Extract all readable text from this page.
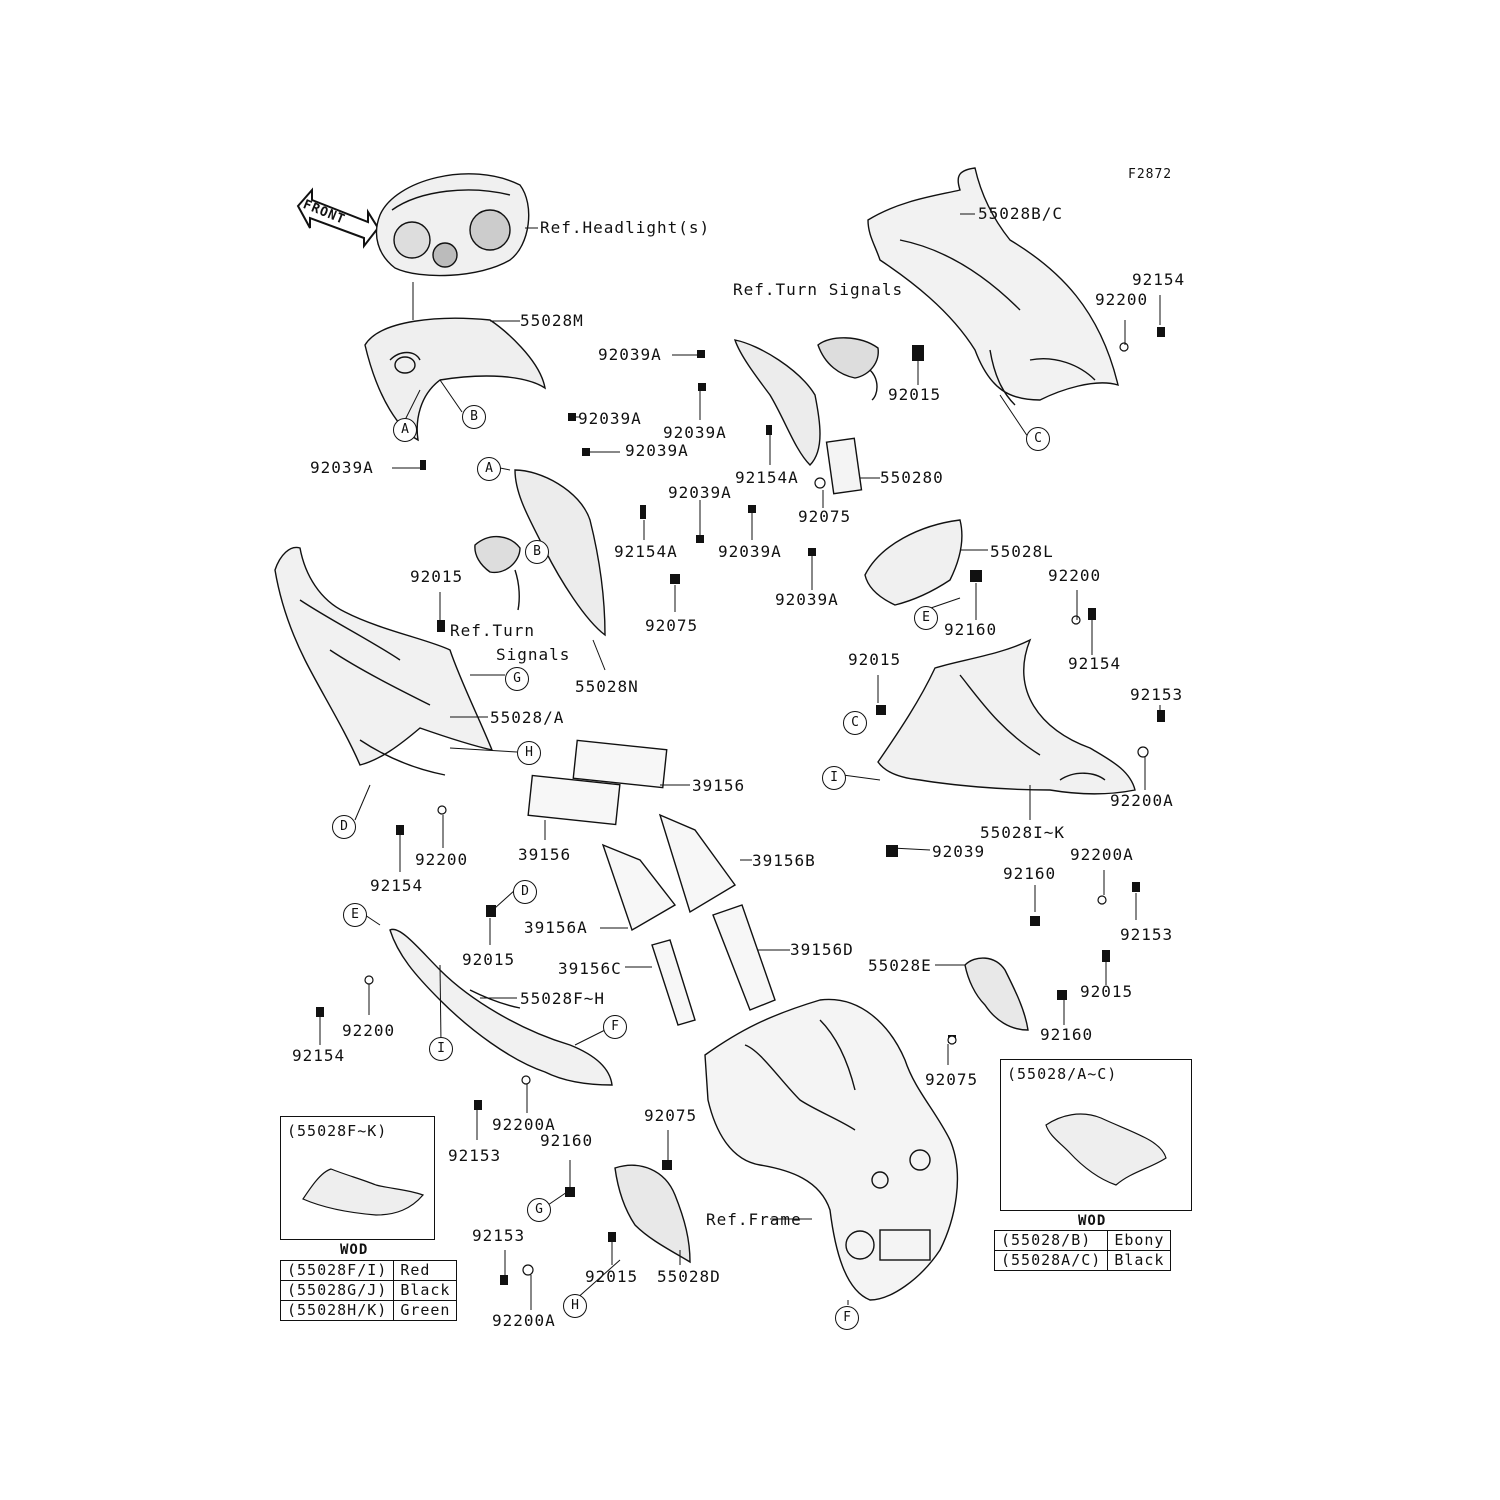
F2872
FRONT	Ref.Headlight(s)
55028B/C
92154
92200
Ref.Turn Signals
55028M
92039A
92015
92039A
92039A
92039A
92039A
92154A	550280
92039A
92075
92154A	92039A	55028L
92015	92200
92039A
92075	92160
Ref.Turn
Signals	92015	92154
55028N	92153
55028/A
39156
92200A
55028I~K
39156	92039	92200A
92200	39156B
92160
92154
39156A	92153
39156D
92015	55028E
39156C
92015
55028F~H
92200	92160
92154
92075
92075
92200A
92160
92153
Ref.Frame
92153
92015 55028D
92200A
A
B
A
B
C
E
G
C
H
I
D
D
E
F
I
G
H
F
(55028F~K)
WOD
(55028F/I)	Red
(55028G/J)	Black
(55028H/K)	Green
(55028/A~C)
WOD
(55028/B)	Ebony
(55028A/C)	Black
